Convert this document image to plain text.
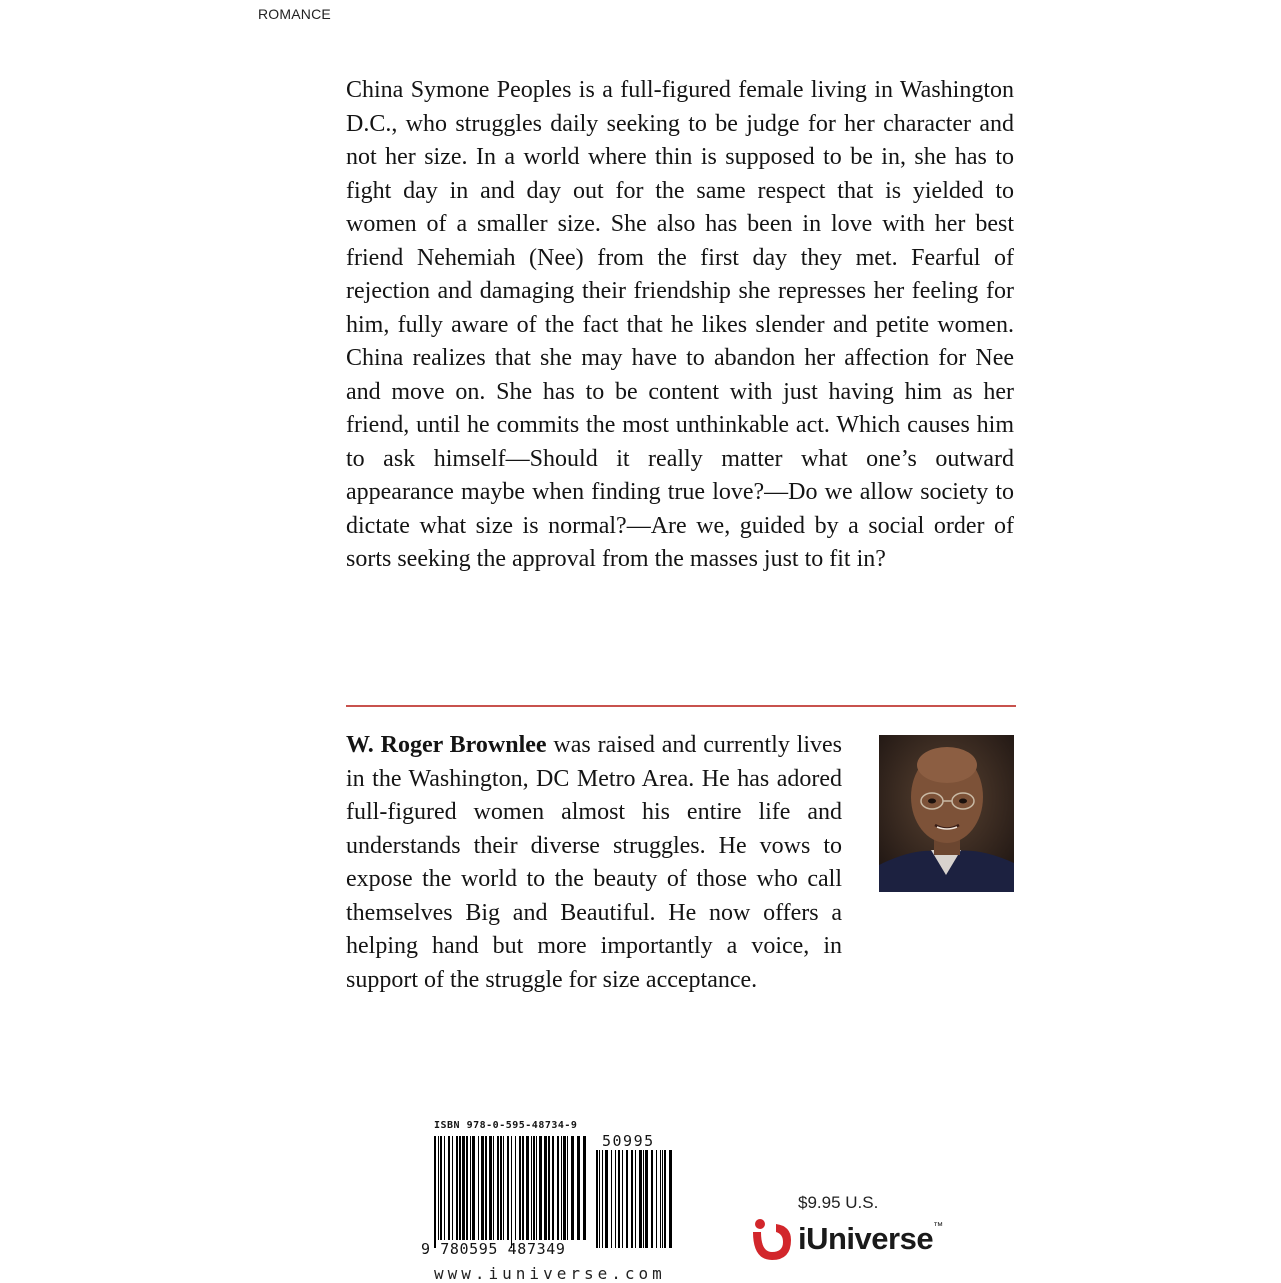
ROMANCE

China Symone Peoples is a full-figured female living in Washington D.C., who struggles daily seeking to be judge for her character and not her size. In a world where thin is supposed to be in, she has to fight day in and day out for the same respect that is yielded to women of a smaller size. She also has been in love with her best friend Nehemiah (Nee) from the first day they met. Fearful of rejection and damaging their friendship she represses her feeling for him, fully aware of the fact that he likes slender and petite women. China realizes that she may have to abandon her affection for Nee and move on. She has to be content with just having him as her friend, until he commits the most unthinkable act. Which causes him to ask himself—Should it really matter what one’s outward appearance maybe when finding true love?—Do we allow society to dictate what size is normal?—Are we, guided by a social order of sorts seeking the approval from the masses just to fit in?

W. Roger Brownlee was raised and currently lives in the Washington, DC Metro Area. He has adored full-figured women almost his entire life and understands their diverse struggles. He vows to expose the world to the beauty of those who call themselves Big and Beautiful. He now offers a helping hand but more importantly a voice, in support of the struggle for size acceptance.

ISBN 978-0-595-48734-9
50995
9 780595 487349
www.iuniverse.com
$9.95 U.S.
iUniverse™
